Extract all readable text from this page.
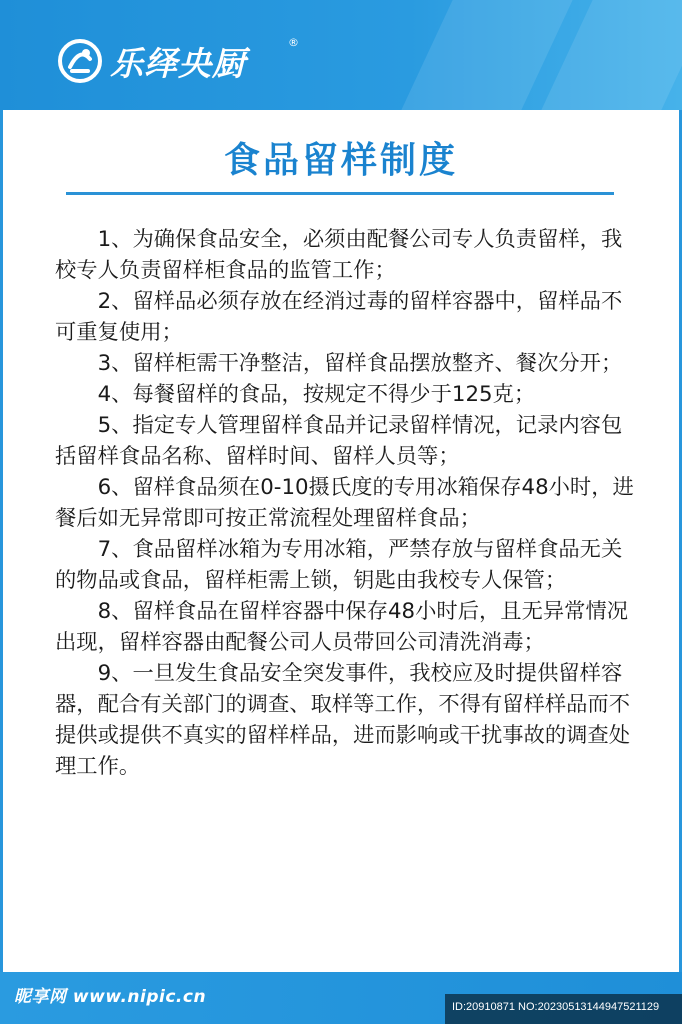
乐绎央厨
®
食品留样制度

1、为确保食品安全，必须由配餐公司专人负责留样，我校专人负责留样柜食品的监管工作；

2、留样品必须存放在经消过毒的留样容器中，留样品不可重复使用；

3、留样柜需干净整洁，留样食品摆放整齐、餐次分开；

4、每餐留样的食品，按规定不得少于125克；

5、指定专人管理留样食品并记录留样情况，记录内容包括留样食品名称、留样时间、留样人员等；

6、留样食品须在0-10摄氏度的专用冰箱保存48小时，进餐后如无异常即可按正常流程处理留样食品；

7、食品留样冰箱为专用冰箱，严禁存放与留样食品无关的物品或食品，留样柜需上锁，钥匙由我校专人保管；

8、留样食品在留样容器中保存48小时后，且无异常情况出现，留样容器由配餐公司人员带回公司清洗消毒；

9、一旦发生食品安全突发事件，我校应及时提供留样容器，配合有关部门的调查、取样等工作，不得有留样样品而不提供或提供不真实的留样样品，进而影响或干扰事故的调查处理工作。

昵享网 www.nipic.cn	ID:20910871 NO:20230513144947521129
